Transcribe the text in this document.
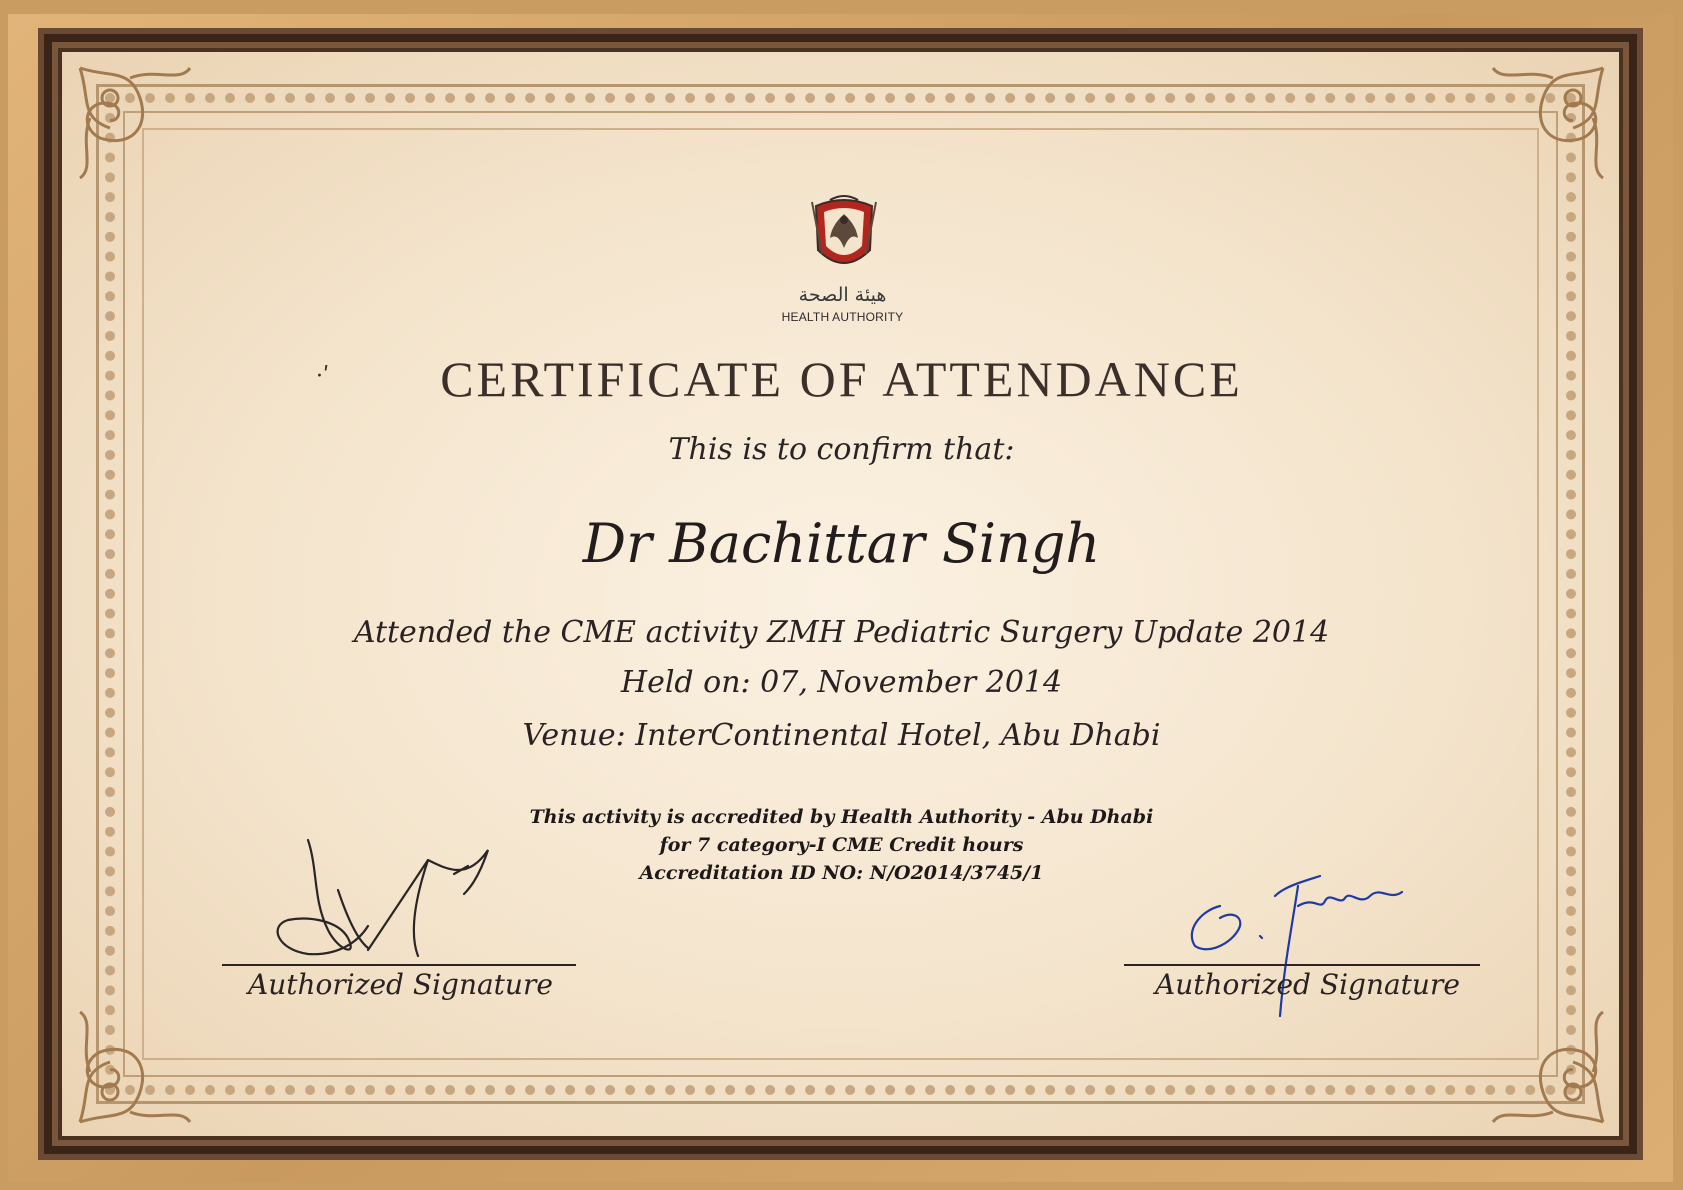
هيئة الصحة
HEALTH AUTHORITY
·ʹ	CERTIFICATE OF ATTENDANCE
This is to confirm that:
Dr Bachittar Singh
Attended the CME activity ZMH Pediatric Surgery Update 2014
Held on: 07, November 2014
Venue: InterContinental Hotel, Abu Dhabi
This activity is accredited by Health Authority - Abu Dhabi
for 7 category-I CME Credit hours
Accreditation ID NO: N/O2014/3745/1
Authorized Signature	Authorized Signature
